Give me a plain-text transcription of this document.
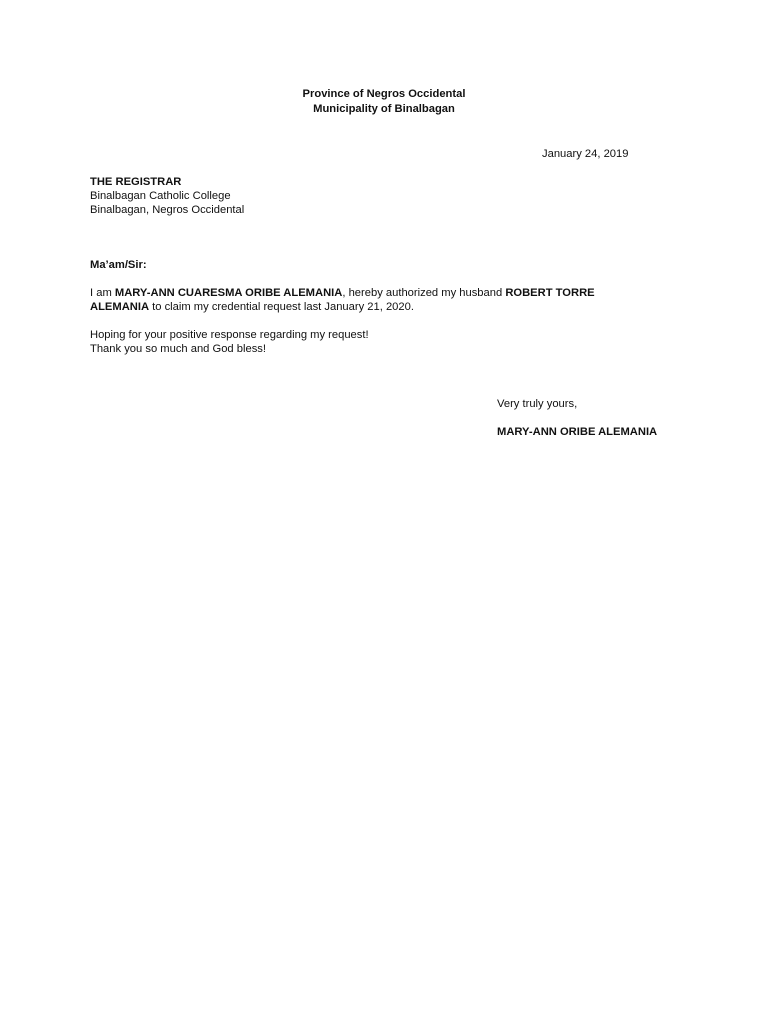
Province of Negros Occidental
Municipality of Binalbagan
January 24, 2019
THE REGISTRAR
Binalbagan Catholic College
Binalbagan, Negros Occidental
Ma’am/Sir:
I am MARY-ANN CUARESMA ORIBE ALEMANIA, hereby authorized my husband ROBERT TORRE
ALEMANIA to claim my credential request last January 21, 2020.
Hoping for your positive response regarding my request!
Thank you so much and God bless!
Very truly yours,
MARY-ANN ORIBE ALEMANIA
